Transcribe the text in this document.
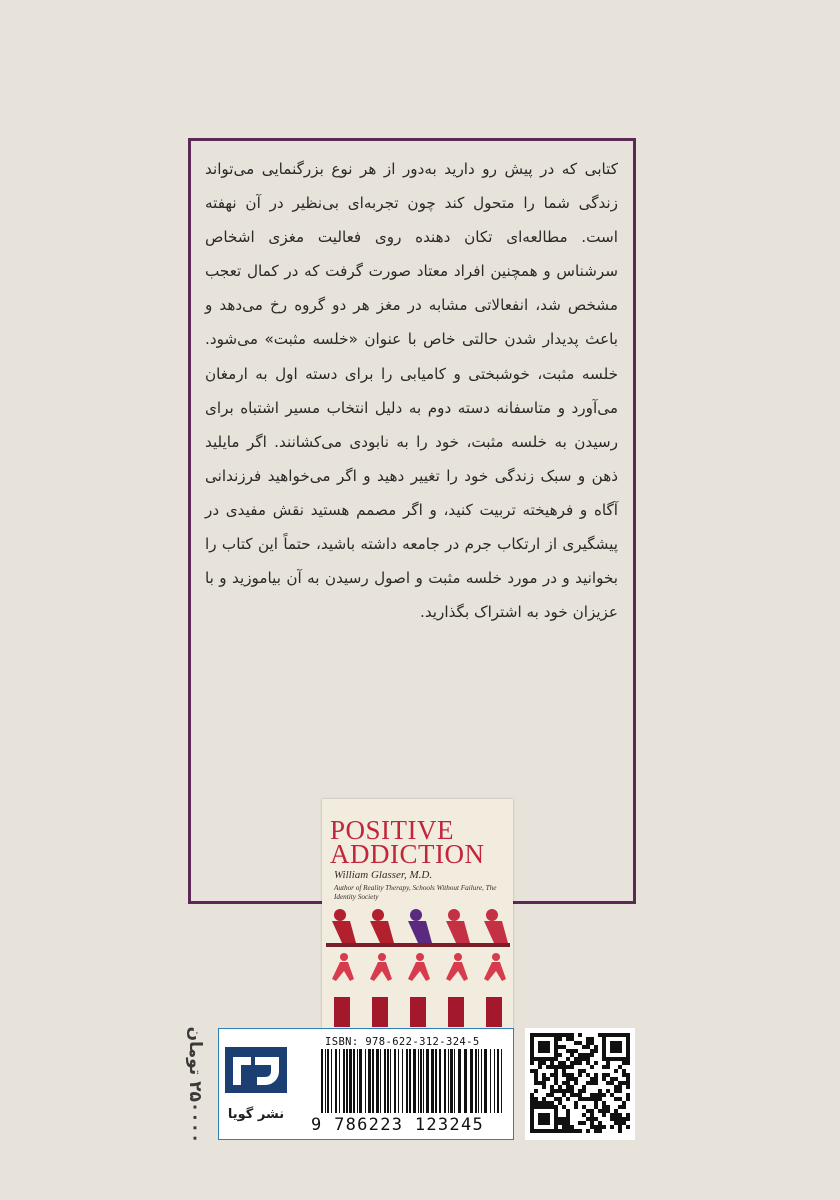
کتابی که در پیش رو دارید به‌دور از هر نوع بزرگنمایی می‌تواند زندگی شما را متحول کند چون تجربه‌ای بی‌نظیر در آن نهفته است. مطالعه‌ای تکان دهنده روی فعالیت مغزی اشخاص سرشناس و همچنین افراد معتاد صورت گرفت که در کمال تعجب مشخص شد، انفعالاتی مشابه در مغز هر دو گروه رخ می‌دهد و باعث پدیدار شدن حالتی خاص با عنوان «خلسه مثبت» می‌شود. خلسه مثبت، خوشبختی و کامیابی را برای دسته اول به ارمغان می‌آورد و متاسفانه دسته دوم به دلیل انتخاب مسیر اشتباه برای رسیدن به خلسه مثبت، خود را به نابودی می‌کشانند. اگر مایلید ذهن و سبک زندگی خود را تغییر دهید و اگر می‌خواهید فرزندانی آگاه و فرهیخته تربیت کنید، و اگر مصمم هستید نقش مفیدی در پیشگیری از ارتکاب جرم در جامعه داشته باشید، حتماً این کتاب را بخوانید و در مورد خلسه مثبت و اصول رسیدن به آن بیاموزید و با عزیزان خود به اشتراک بگذارید.

POSITIVE
ADDICTION
William Glasser, M.D.
Author of Reality Therapy, Schools Without Failure, The Identity Society
۲۵۰۰۰۰ تومان	نشر گویا
ISBN: 978-622-312-324-5
9 786223 123245
